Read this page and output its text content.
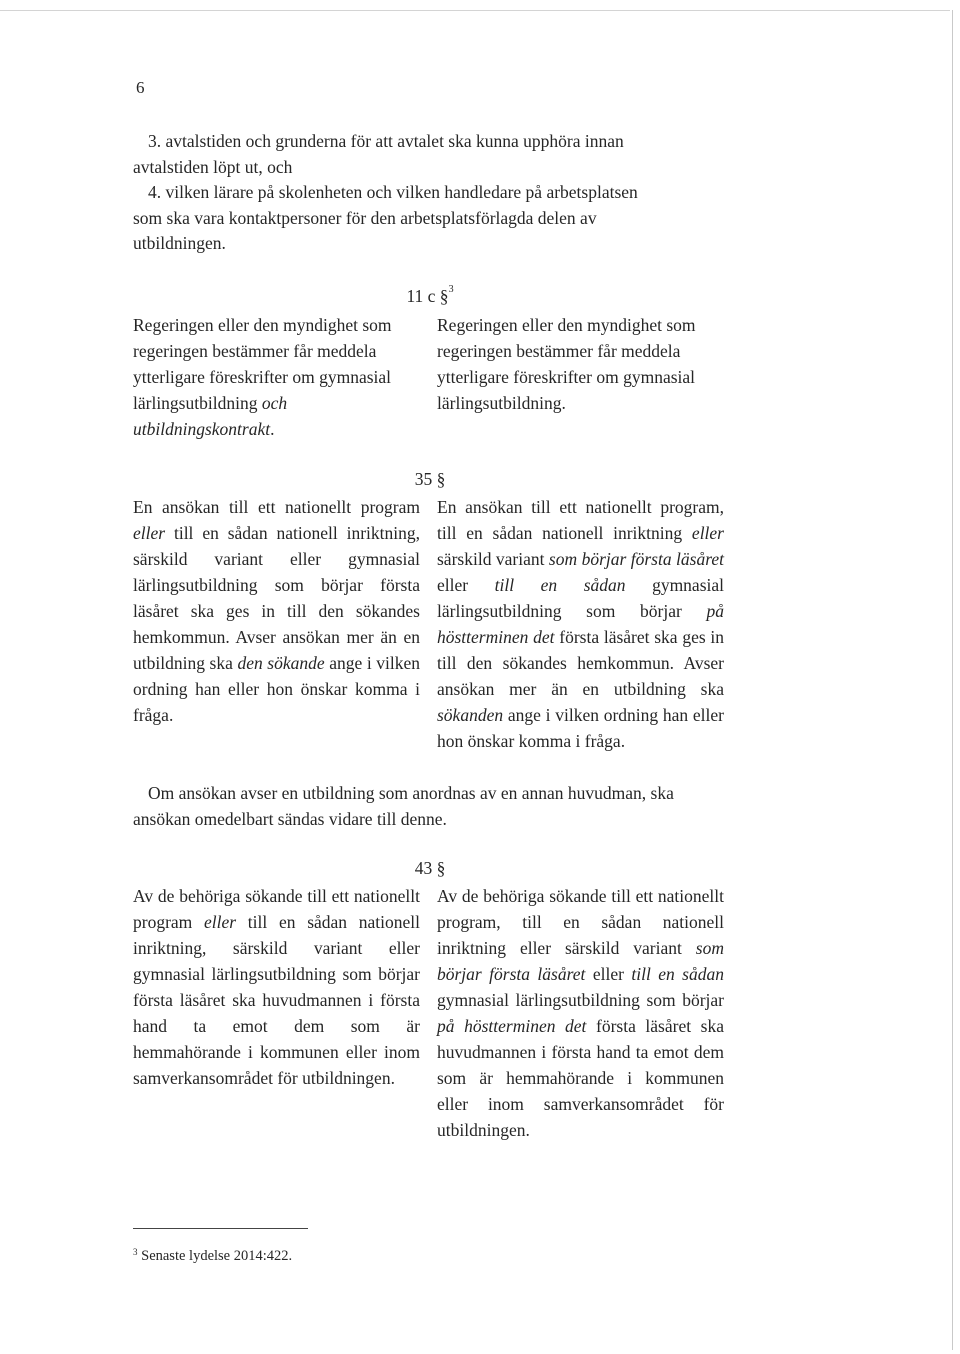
6

3. avtalstiden och grunderna för att avtalet ska kunna upphöra innan
avtalstiden löpt ut, och

4. vilken lärare på skolenheten och vilken handledare på arbetsplatsen
som ska vara kontaktpersoner för den arbetsplatsförlagda delen av
utbildningen.

11 c §$^3$

Regeringen eller den myndighet som regeringen bestämmer får meddela ytterligare föreskrifter om gymnasial lärlingsutbildning och utbildningskontrakt.

Regeringen eller den myndighet som regeringen bestämmer får meddela ytterligare föreskrifter om gymnasial lärlingsutbildning.

35 §

En ansökan till ett nationellt program eller till en sådan nationell inriktning, särskild variant eller gymnasial lärlingsutbildning som börjar första läsåret ska ges in till den sökandes hemkommun. Avser ansökan mer än en utbildning ska den sökande ange i vilken ordning han eller hon önskar komma i fråga.

En ansökan till ett nationellt program, till en sådan nationell inriktning eller särskild variant som börjar första läsåret eller till en sådan gymnasial lärlingsutbildning som börjar på höstterminen det första läsåret ska ges in till den sökandes hemkommun. Avser ansökan mer än en utbildning ska sökanden ange i vilken ordning han eller hon önskar komma i fråga.

Om ansökan avser en utbildning som anordnas av en annan huvudman, ska ansökan omedelbart sändas vidare till denne.

43 §

Av de behöriga sökande till ett nationellt program eller till en sådan nationell inriktning, särskild variant eller gymnasial lärlingsutbildning som börjar första läsåret ska huvudmannen i första hand ta emot dem som är hemmahörande i kommunen eller inom samverkansområdet för utbildningen.

Av de behöriga sökande till ett nationellt program, till en sådan nationell inriktning eller särskild variant som börjar första läsåret eller till en sådan gymnasial lärlingsutbildning som börjar på höstterminen det första läsåret ska huvudmannen i första hand ta emot dem som är hemmahörande i kommunen eller inom samverkansområdet för utbildningen.

$^3$ Senaste lydelse 2014:422.
